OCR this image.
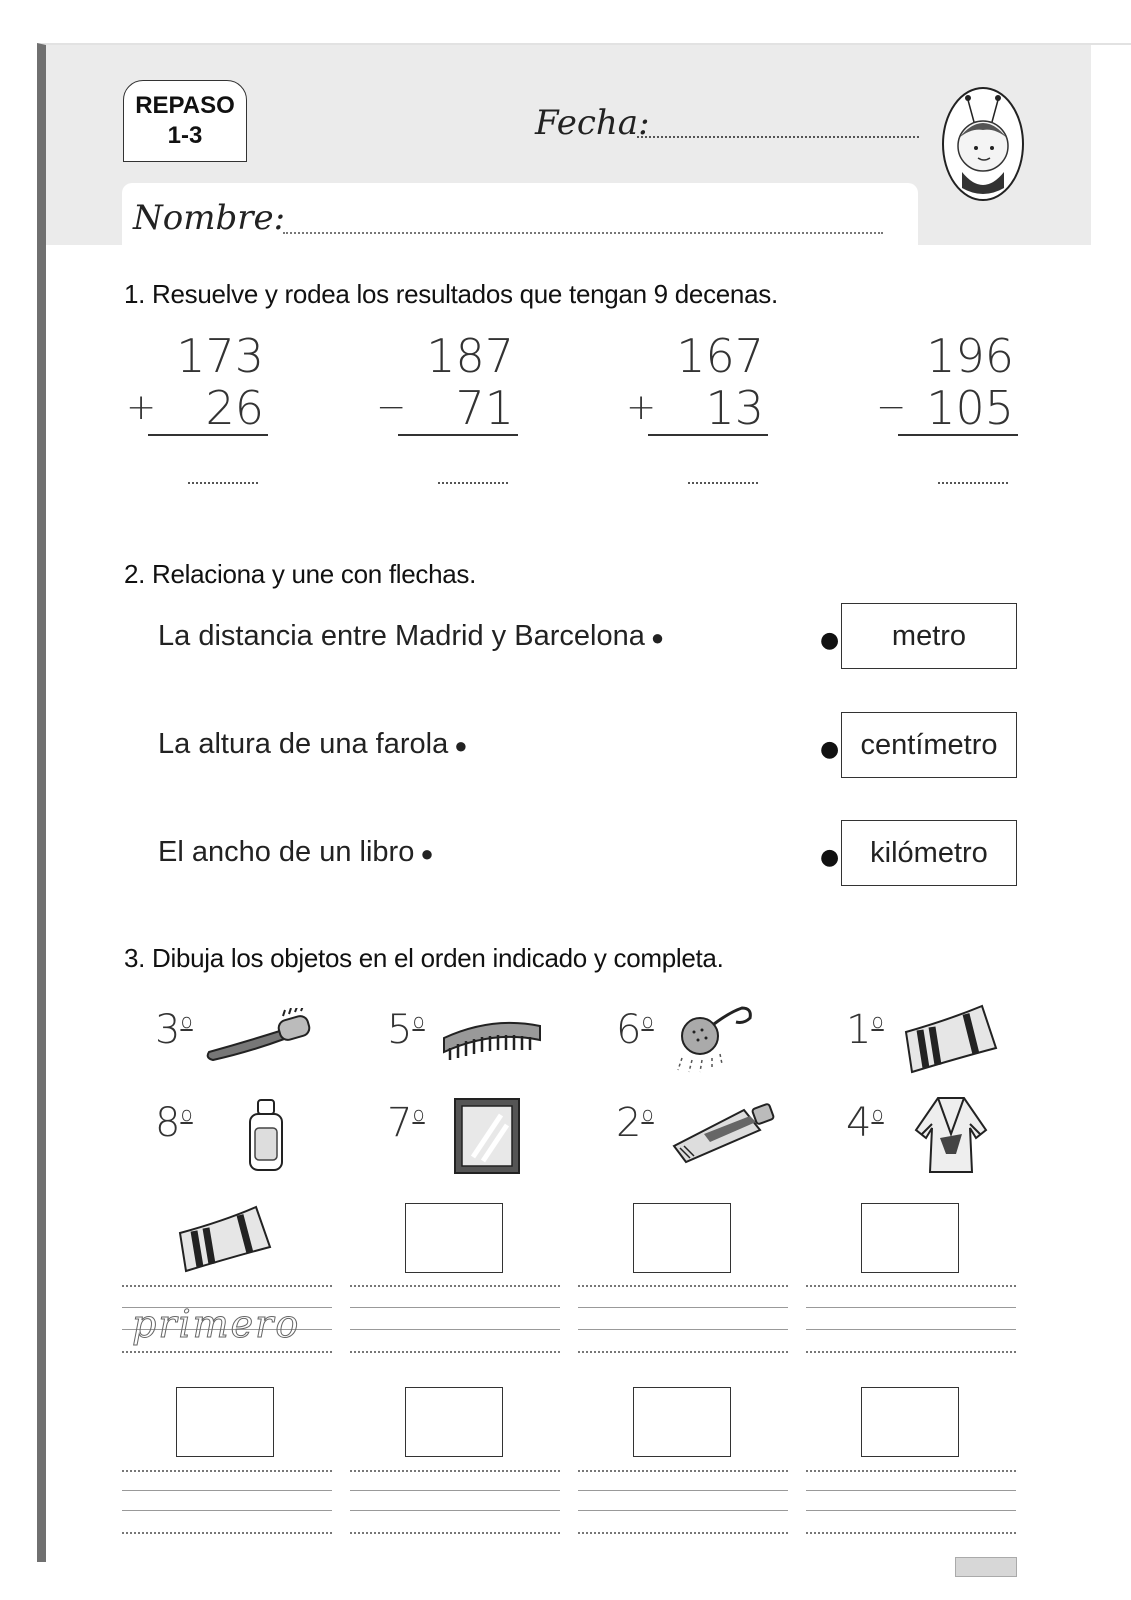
REPASO
1-3	Fecha:
Nombre:
1. Resuelve y rodea los resultados que tengan 9 decenas.
173
+	26
187
−	71
167
+	13
196
− 105
2. Relaciona y une con flechas.
La distancia entre Madrid y Barcelona ●
La altura de una farola ●
El ancho de un libro ●
●
●
●
metro
centímetro
kilómetro
3. Dibuja los objetos en el orden indicado y completa.
3$^o$	5$^o$	6$^o$	1$^o$
8$^o$	7$^o$	2$^o$	4$^o$
primero
